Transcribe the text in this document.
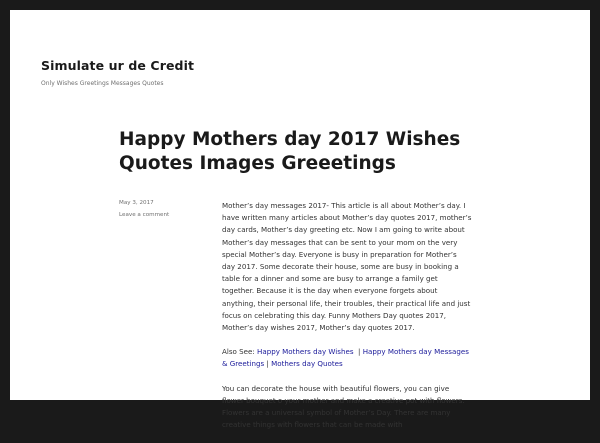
Simulate ur de Credit
Only Wishes Greetings Messages Quotes
Happy Mothers day 2017 Wishes Quotes Images Greeetings
May 3, 2017
Leave a comment

Mother’s day messages 2017- This article is all about Mother’s day. I have written many articles about Mother’s day quotes 2017, mother’s day cards, Mother’s day greeting etc. Now I am going to write about Mother’s day messages that can be sent to your mom on the very special Mother’s day. Everyone is busy in preparation for Mother’s day 2017. Some decorate their house, some are busy in booking a table for a dinner and some are busy to arrange a family get together. Because it is the day when everyone forgets about anything, their personal life, their troubles, their practical life and just focus on celebrating this day. Funny Mothers Day quotes 2017, Mother’s day wishes 2017, Mother’s day quotes 2017.

Also See: Happy Mothers day Wishes | Happy Mothers day Messages & Greetings | Mothers day Quotes

You can decorate the house with beautiful flowers, you can give flower bouquet o your mother and make a creative pot with flowers. Flowers are a universal symbol of Mother’s Day. There are many creative things with flowers that can be made with
